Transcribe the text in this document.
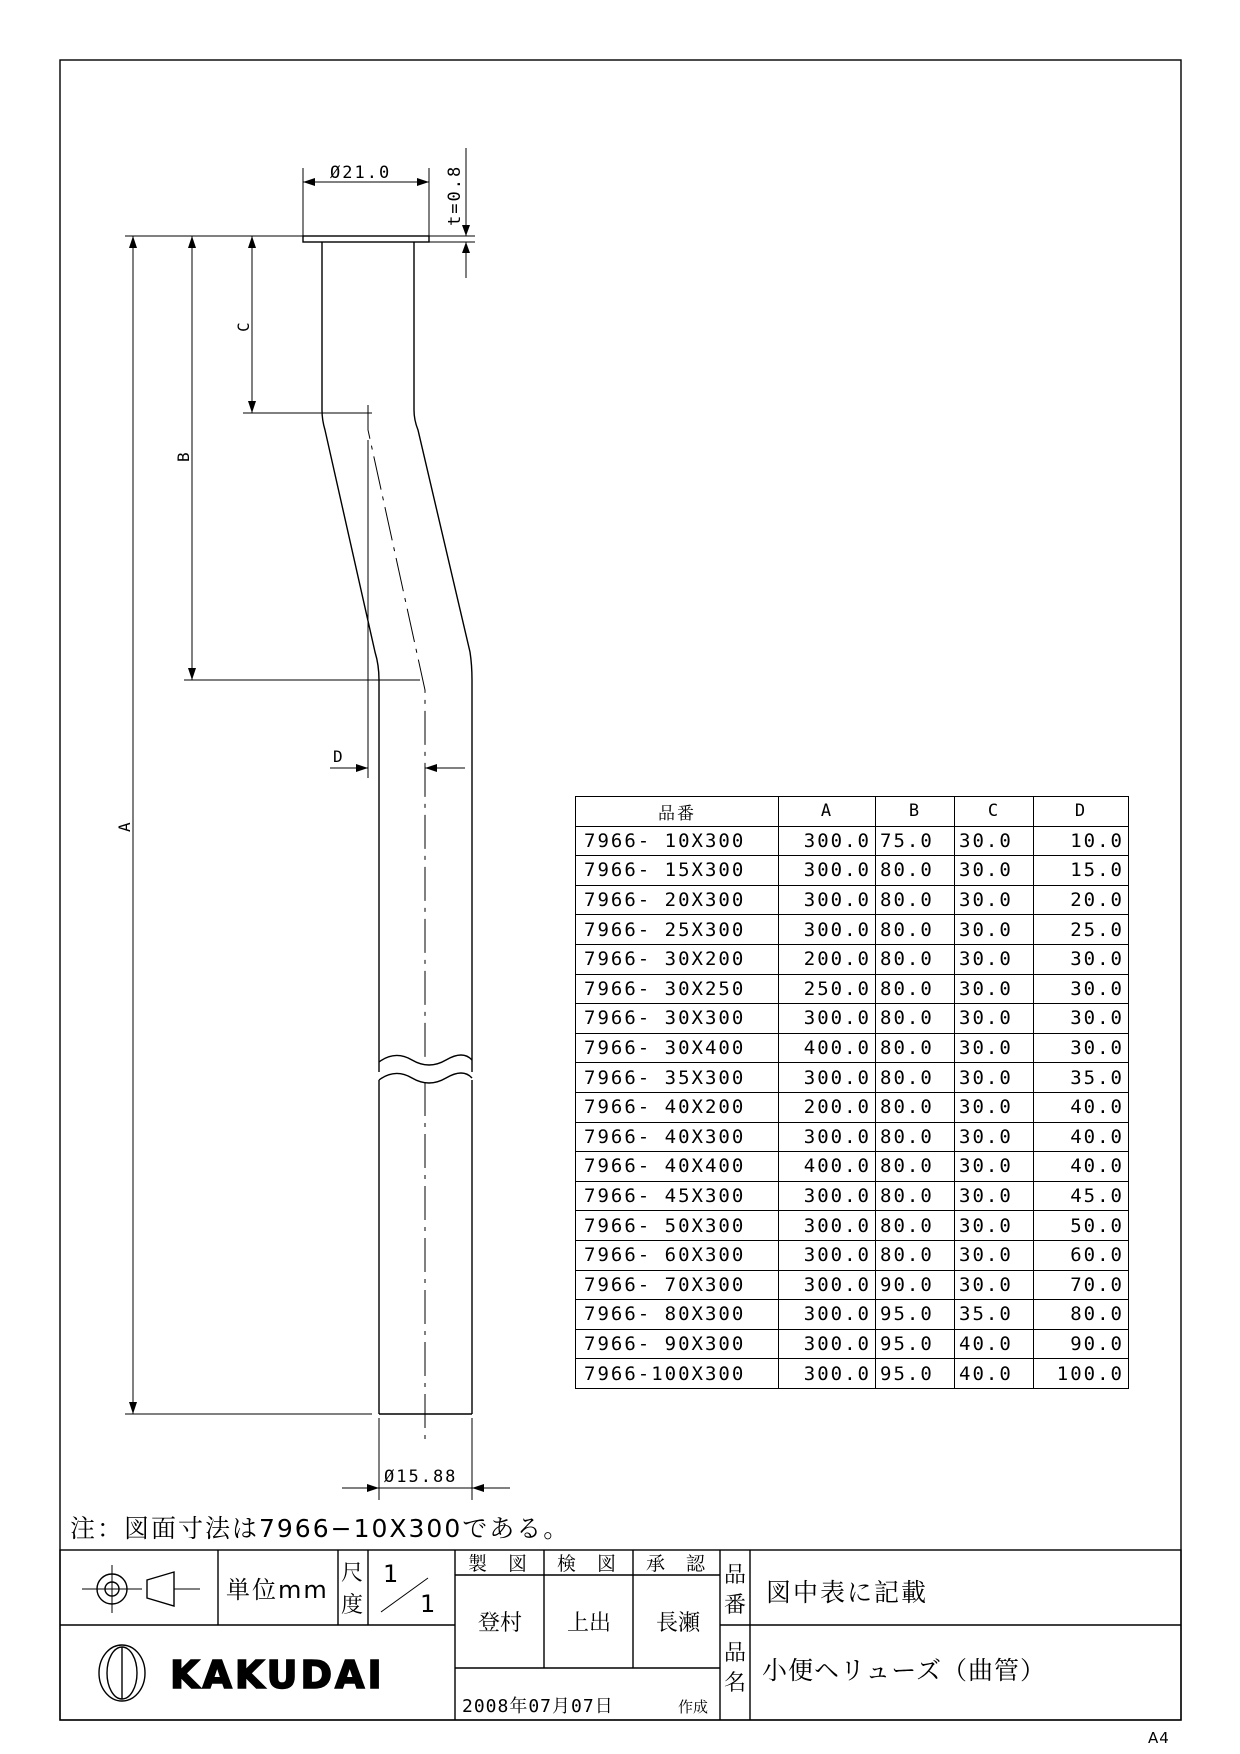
Ø21.0	t=0.8
A
B
C
D
Ø15.88
注：図面寸法は7966−10X300である。
単位mm
尺
度
1
1
製　図 検　図 承　認
登村 上出 長瀬
2008年07月07日	作成
品
番 図中表に記載
品
名 小便ヘリューズ（曲管）
KAKUDAI
A4
品番	A	B	C	D
7966- 10X300	300.0	75.0	30.0	10.0
7966- 15X300	300.0	80.0	30.0	15.0
7966- 20X300	300.0	80.0	30.0	20.0
7966- 25X300	300.0	80.0	30.0	25.0
7966- 30X200	200.0	80.0	30.0	30.0
7966- 30X250	250.0	80.0	30.0	30.0
7966- 30X300	300.0	80.0	30.0	30.0
7966- 30X400	400.0	80.0	30.0	30.0
7966- 35X300	300.0	80.0	30.0	35.0
7966- 40X200	200.0	80.0	30.0	40.0
7966- 40X300	300.0	80.0	30.0	40.0
7966- 40X400	400.0	80.0	30.0	40.0
7966- 45X300	300.0	80.0	30.0	45.0
7966- 50X300	300.0	80.0	30.0	50.0
7966- 60X300	300.0	80.0	30.0	60.0
7966- 70X300	300.0	90.0	30.0	70.0
7966- 80X300	300.0	95.0	35.0	80.0
7966- 90X300	300.0	95.0	40.0	90.0
7966-100X300	300.0	95.0	40.0	100.0
